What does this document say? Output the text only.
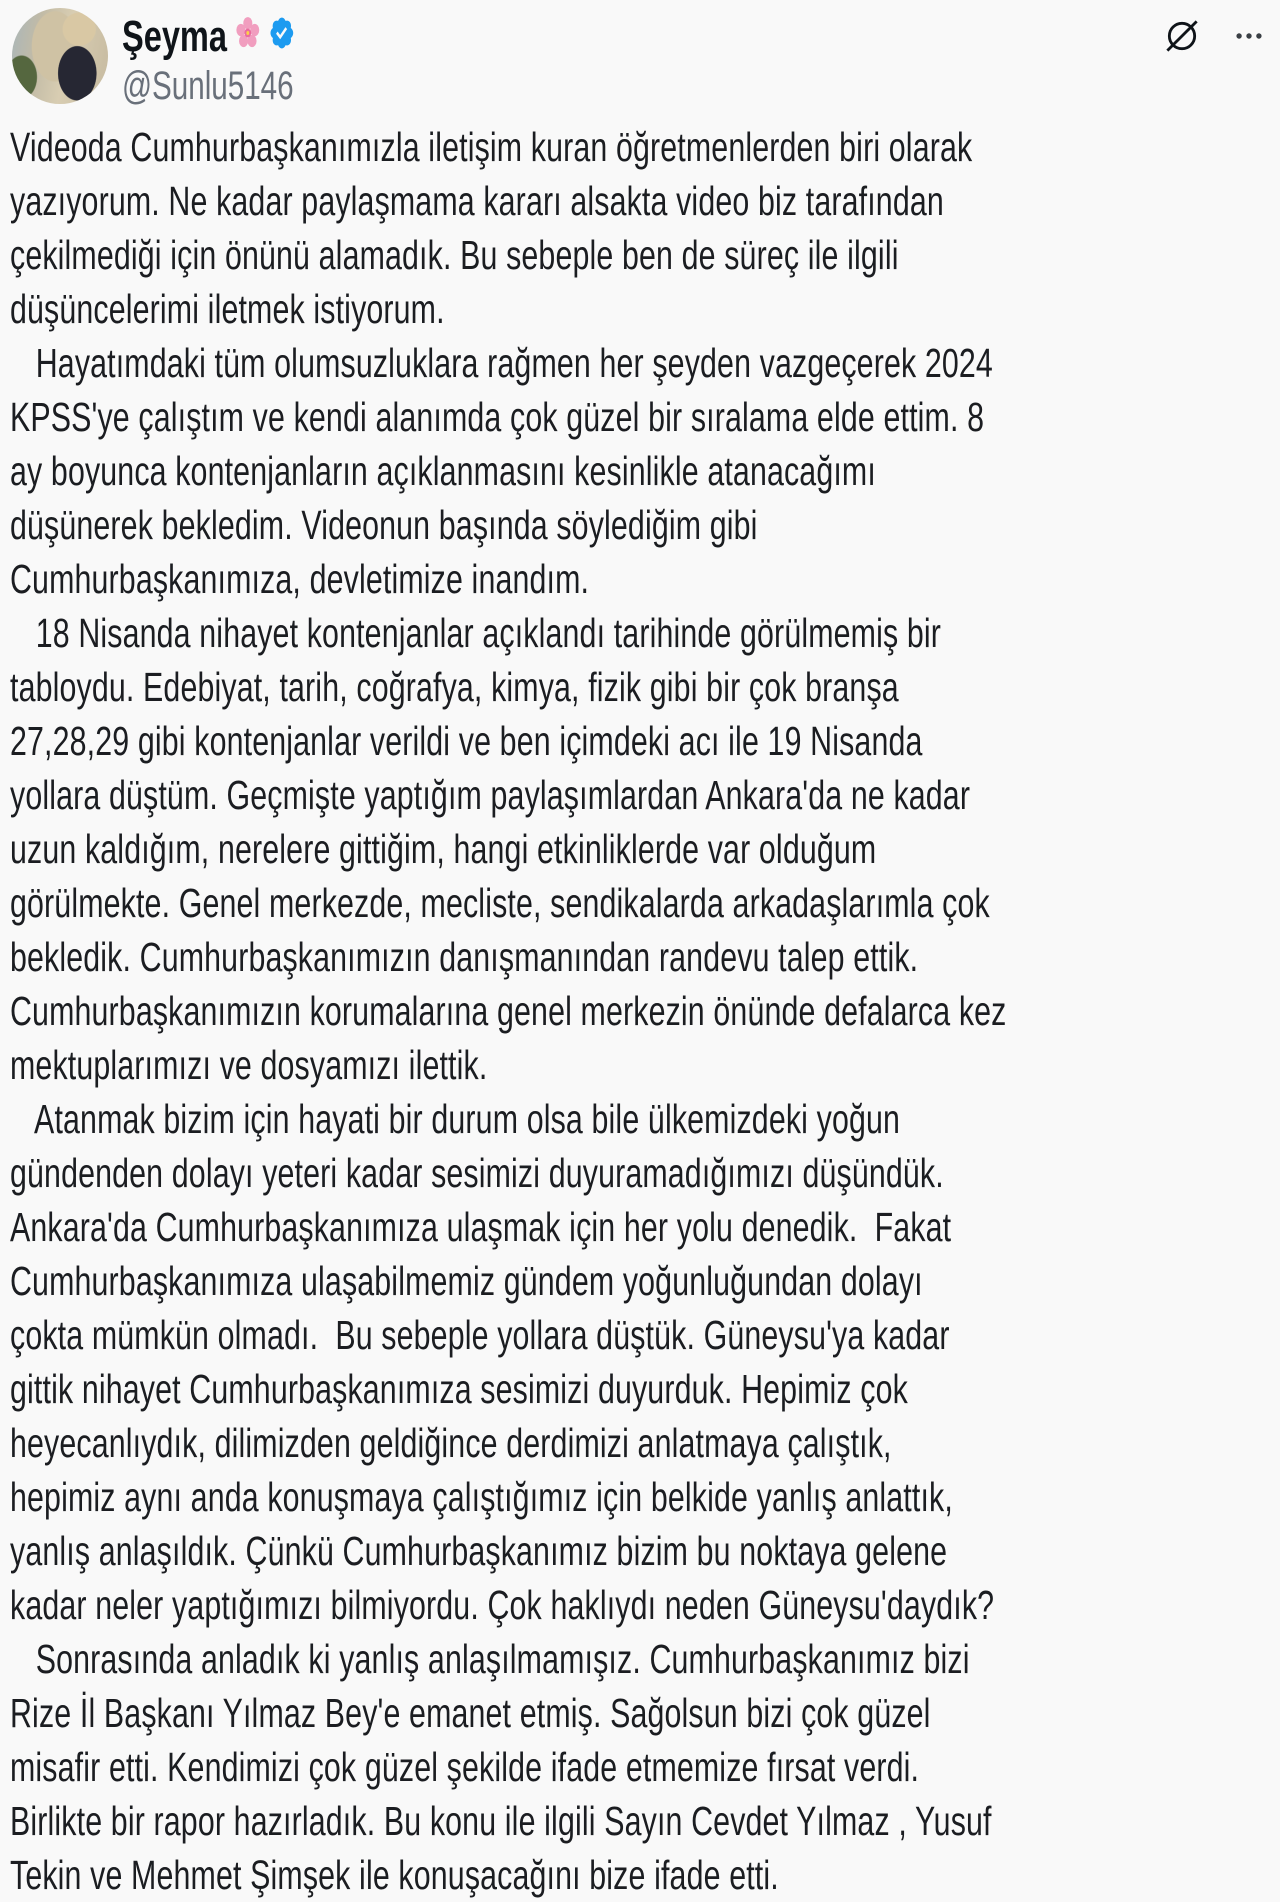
Şeyma
@Sunlu5146
Videoda Cumhurbaşkanımızla iletişim kuran öğretmenlerden biri olarak
yazıyorum. Ne kadar paylaşmama kararı alsakta video biz tarafından
çekilmediği için önünü alamadık. Bu sebeple ben de süreç ile ilgili
düşüncelerimi iletmek istiyorum.
Hayatımdaki tüm olumsuzluklara rağmen her şeyden vazgeçerek 2024
KPSS'ye çalıştım ve kendi alanımda çok güzel bir sıralama elde ettim. 8
ay boyunca kontenjanların açıklanmasını kesinlikle atanacağımı
düşünerek bekledim. Videonun başında söylediğim gibi
Cumhurbaşkanımıza, devletimize inandım.
18 Nisanda nihayet kontenjanlar açıklandı tarihinde görülmemiş bir
tabloydu. Edebiyat, tarih, coğrafya, kimya, fizik gibi bir çok branşa
27,28,29 gibi kontenjanlar verildi ve ben içimdeki acı ile 19 Nisanda
yollara düştüm. Geçmişte yaptığım paylaşımlardan Ankara'da ne kadar
uzun kaldığım, nerelere gittiğim, hangi etkinliklerde var olduğum
görülmekte. Genel merkezde, mecliste, sendikalarda arkadaşlarımla çok
bekledik. Cumhurbaşkanımızın danışmanından randevu talep ettik.
Cumhurbaşkanımızın korumalarına genel merkezin önünde defalarca kez
mektuplarımızı ve dosyamızı ilettik.
Atanmak bizim için hayati bir durum olsa bile ülkemizdeki yoğun
gündenden dolayı yeteri kadar sesimizi duyuramadığımızı düşündük.
Ankara'da Cumhurbaşkanımıza ulaşmak için her yolu denedik.  Fakat
Cumhurbaşkanımıza ulaşabilmemiz gündem yoğunluğundan dolayı
çokta mümkün olmadı.  Bu sebeple yollara düştük. Güneysu'ya kadar
gittik nihayet Cumhurbaşkanımıza sesimizi duyurduk. Hepimiz çok
heyecanlıydık, dilimizden geldiğince derdimizi anlatmaya çalıştık,
hepimiz aynı anda konuşmaya çalıştığımız için belkide yanlış anlattık,
yanlış anlaşıldık. Çünkü Cumhurbaşkanımız bizim bu noktaya gelene
kadar neler yaptığımızı bilmiyordu. Çok haklıydı neden Güneysu'daydık?
Sonrasında anladık ki yanlış anlaşılmamışız. Cumhurbaşkanımız bizi
Rize İl Başkanı Yılmaz Bey'e emanet etmiş. Sağolsun bizi çok güzel
misafir etti. Kendimizi çok güzel şekilde ifade etmemize fırsat verdi.
Birlikte bir rapor hazırladık. Bu konu ile ilgili Sayın Cevdet Yılmaz , Yusuf
Tekin ve Mehmet Şimşek ile konuşacağını bize ifade etti.
